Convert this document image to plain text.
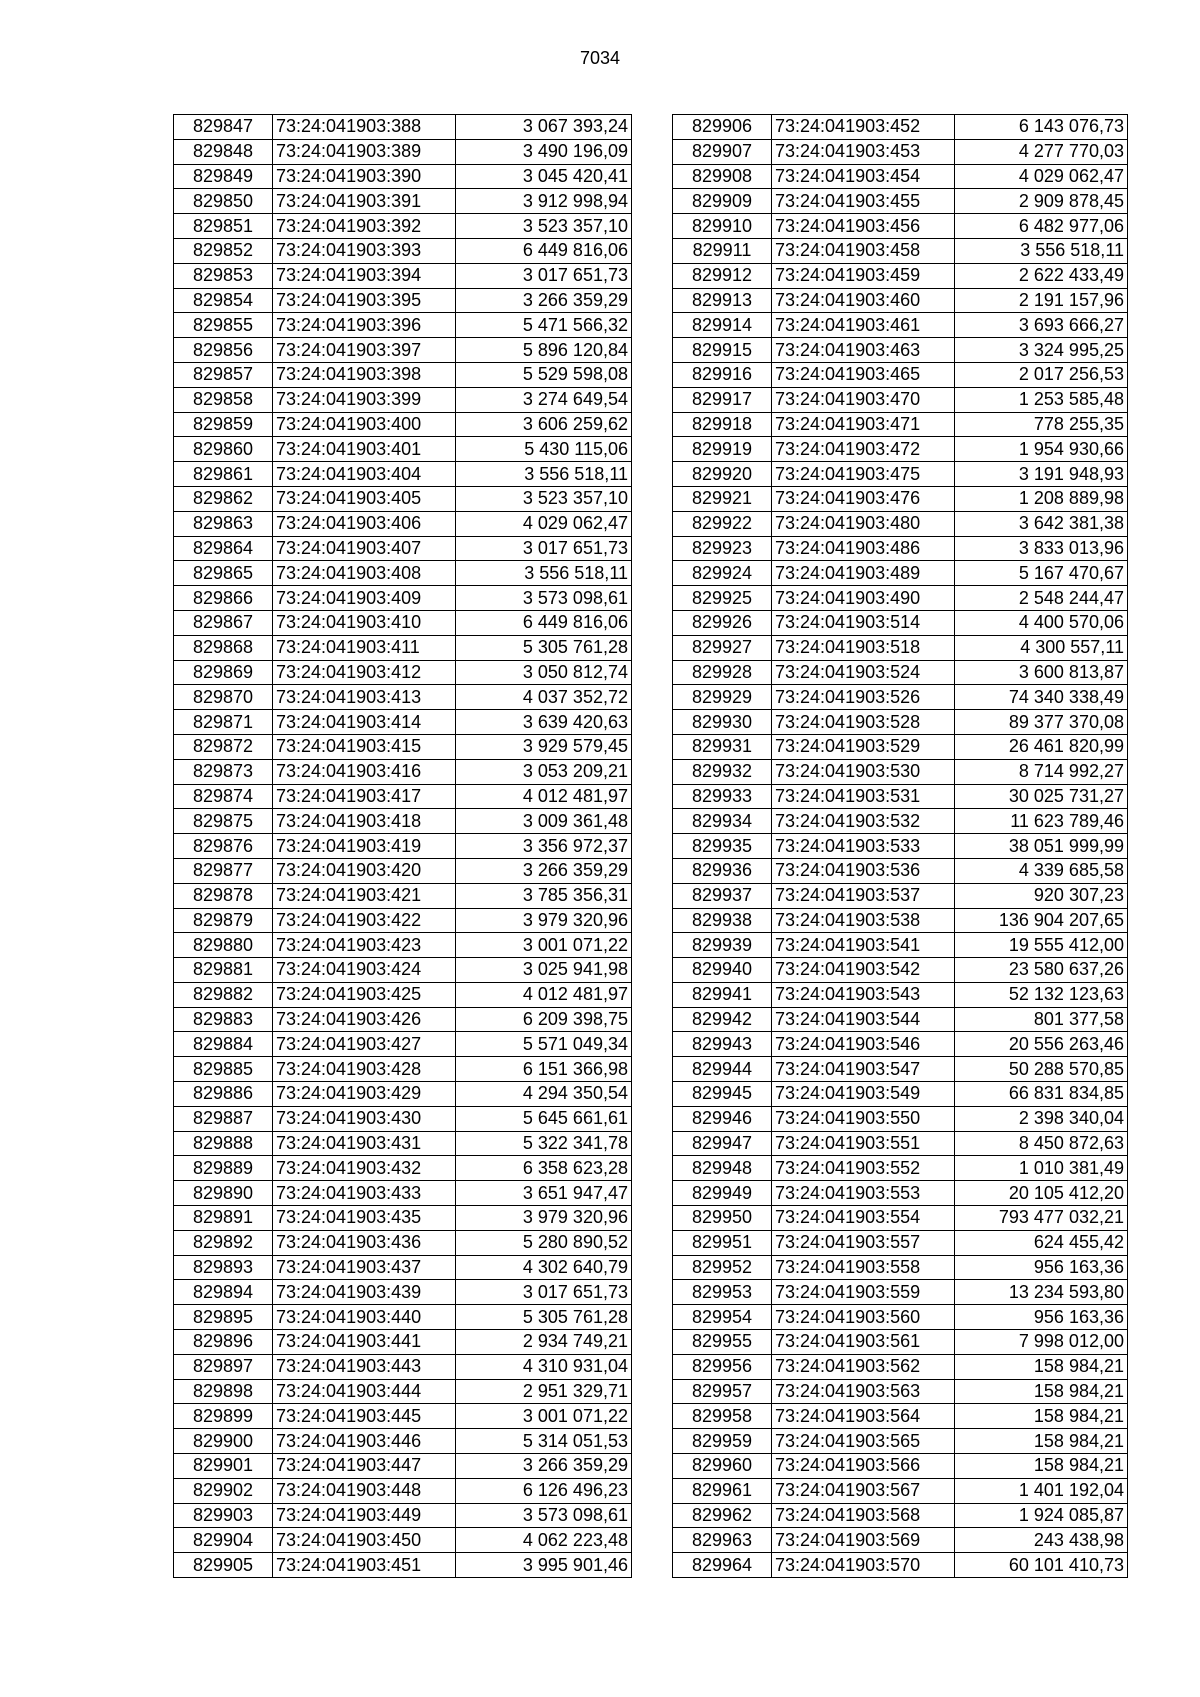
7034
829847	73:24:041903:388	3 067 393,24
829848	73:24:041903:389	3 490 196,09
829849	73:24:041903:390	3 045 420,41
829850	73:24:041903:391	3 912 998,94
829851	73:24:041903:392	3 523 357,10
829852	73:24:041903:393	6 449 816,06
829853	73:24:041903:394	3 017 651,73
829854	73:24:041903:395	3 266 359,29
829855	73:24:041903:396	5 471 566,32
829856	73:24:041903:397	5 896 120,84
829857	73:24:041903:398	5 529 598,08
829858	73:24:041903:399	3 274 649,54
829859	73:24:041903:400	3 606 259,62
829860	73:24:041903:401	5 430 115,06
829861	73:24:041903:404	3 556 518,11
829862	73:24:041903:405	3 523 357,10
829863	73:24:041903:406	4 029 062,47
829864	73:24:041903:407	3 017 651,73
829865	73:24:041903:408	3 556 518,11
829866	73:24:041903:409	3 573 098,61
829867	73:24:041903:410	6 449 816,06
829868	73:24:041903:411	5 305 761,28
829869	73:24:041903:412	3 050 812,74
829870	73:24:041903:413	4 037 352,72
829871	73:24:041903:414	3 639 420,63
829872	73:24:041903:415	3 929 579,45
829873	73:24:041903:416	3 053 209,21
829874	73:24:041903:417	4 012 481,97
829875	73:24:041903:418	3 009 361,48
829876	73:24:041903:419	3 356 972,37
829877	73:24:041903:420	3 266 359,29
829878	73:24:041903:421	3 785 356,31
829879	73:24:041903:422	3 979 320,96
829880	73:24:041903:423	3 001 071,22
829881	73:24:041903:424	3 025 941,98
829882	73:24:041903:425	4 012 481,97
829883	73:24:041903:426	6 209 398,75
829884	73:24:041903:427	5 571 049,34
829885	73:24:041903:428	6 151 366,98
829886	73:24:041903:429	4 294 350,54
829887	73:24:041903:430	5 645 661,61
829888	73:24:041903:431	5 322 341,78
829889	73:24:041903:432	6 358 623,28
829890	73:24:041903:433	3 651 947,47
829891	73:24:041903:435	3 979 320,96
829892	73:24:041903:436	5 280 890,52
829893	73:24:041903:437	4 302 640,79
829894	73:24:041903:439	3 017 651,73
829895	73:24:041903:440	5 305 761,28
829896	73:24:041903:441	2 934 749,21
829897	73:24:041903:443	4 310 931,04
829898	73:24:041903:444	2 951 329,71
829899	73:24:041903:445	3 001 071,22
829900	73:24:041903:446	5 314 051,53
829901	73:24:041903:447	3 266 359,29
829902	73:24:041903:448	6 126 496,23
829903	73:24:041903:449	3 573 098,61
829904	73:24:041903:450	4 062 223,48
829905	73:24:041903:451	3 995 901,46
829906	73:24:041903:452	6 143 076,73
829907	73:24:041903:453	4 277 770,03
829908	73:24:041903:454	4 029 062,47
829909	73:24:041903:455	2 909 878,45
829910	73:24:041903:456	6 482 977,06
829911	73:24:041903:458	3 556 518,11
829912	73:24:041903:459	2 622 433,49
829913	73:24:041903:460	2 191 157,96
829914	73:24:041903:461	3 693 666,27
829915	73:24:041903:463	3 324 995,25
829916	73:24:041903:465	2 017 256,53
829917	73:24:041903:470	1 253 585,48
829918	73:24:041903:471	778 255,35
829919	73:24:041903:472	1 954 930,66
829920	73:24:041903:475	3 191 948,93
829921	73:24:041903:476	1 208 889,98
829922	73:24:041903:480	3 642 381,38
829923	73:24:041903:486	3 833 013,96
829924	73:24:041903:489	5 167 470,67
829925	73:24:041903:490	2 548 244,47
829926	73:24:041903:514	4 400 570,06
829927	73:24:041903:518	4 300 557,11
829928	73:24:041903:524	3 600 813,87
829929	73:24:041903:526	74 340 338,49
829930	73:24:041903:528	89 377 370,08
829931	73:24:041903:529	26 461 820,99
829932	73:24:041903:530	8 714 992,27
829933	73:24:041903:531	30 025 731,27
829934	73:24:041903:532	11 623 789,46
829935	73:24:041903:533	38 051 999,99
829936	73:24:041903:536	4 339 685,58
829937	73:24:041903:537	920 307,23
829938	73:24:041903:538	136 904 207,65
829939	73:24:041903:541	19 555 412,00
829940	73:24:041903:542	23 580 637,26
829941	73:24:041903:543	52 132 123,63
829942	73:24:041903:544	801 377,58
829943	73:24:041903:546	20 556 263,46
829944	73:24:041903:547	50 288 570,85
829945	73:24:041903:549	66 831 834,85
829946	73:24:041903:550	2 398 340,04
829947	73:24:041903:551	8 450 872,63
829948	73:24:041903:552	1 010 381,49
829949	73:24:041903:553	20 105 412,20
829950	73:24:041903:554	793 477 032,21
829951	73:24:041903:557	624 455,42
829952	73:24:041903:558	956 163,36
829953	73:24:041903:559	13 234 593,80
829954	73:24:041903:560	956 163,36
829955	73:24:041903:561	7 998 012,00
829956	73:24:041903:562	158 984,21
829957	73:24:041903:563	158 984,21
829958	73:24:041903:564	158 984,21
829959	73:24:041903:565	158 984,21
829960	73:24:041903:566	158 984,21
829961	73:24:041903:567	1 401 192,04
829962	73:24:041903:568	1 924 085,87
829963	73:24:041903:569	243 438,98
829964	73:24:041903:570	60 101 410,73
